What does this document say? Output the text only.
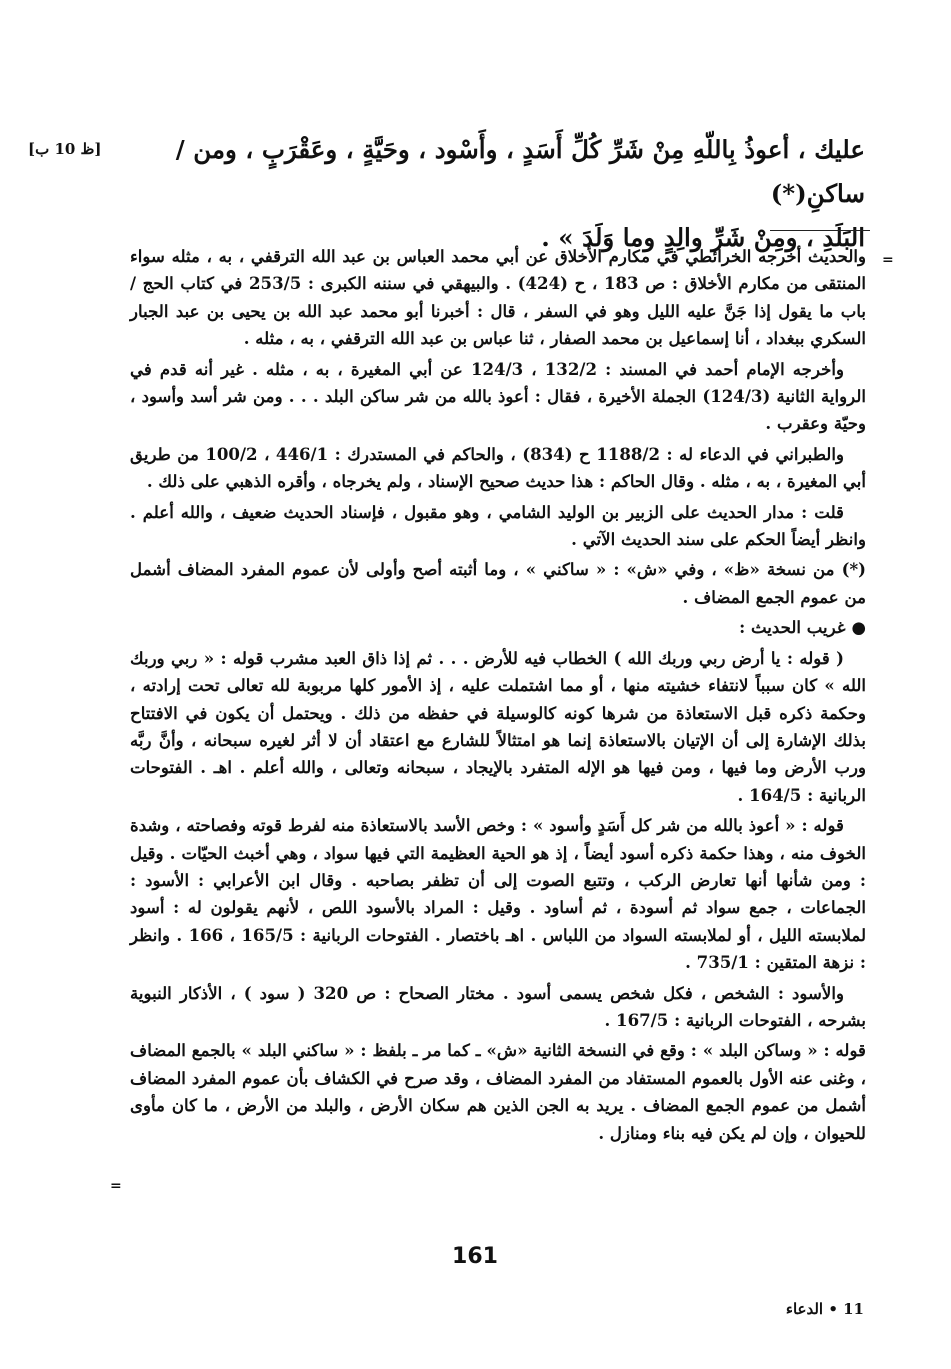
عليك ، أعوذُ بِاللّهِ مِنْ شَرِّ كُلِّ أَسَدٍ ، وأَسْود ، وحَيَّةٍ ، وعَقْرَبٍ ، ومن / ساكنِ(*)

البَلَدِ ، ومِنْ شَرِّ والِدٍ وما وَلَدَ » .

[ظ 10 ب]
=
=

والحديث أخرجه الخرائطي في مكارم الأخلاق عن أبي محمد العباس بن عبد الله الترقفي ، به ، مثله سواء المنتقى من مكارم الأخلاق : ص 183 ، ح (424) . والبيهقي في سننه الكبرى : 253/5 في كتاب الحج / باب ما يقول إذا جَنَّ عليه الليل وهو في السفر ، قال : أخبرنا أبو محمد عبد الله بن يحيى بن عبد الجبار السكري ببغداد ، أنا إسماعيل بن محمد الصفار ، ثنا عباس بن عبد الله الترقفي ، به ، مثله .

وأخرجه الإمام أحمد في المسند : 132/2 ، 124/3 عن أبي المغيرة ، به ، مثله . غير أنه قدم في الرواية الثانية (124/3) الجملة الأخيرة ، فقال : أعوذ بالله من شر ساكن البلد . . . ومن شر أسد وأسود ، وحيّة وعقرب .

والطبراني في الدعاء له : 1188/2 ح (834) ، والحاكم في المستدرك : 446/1 ، 100/2 من طريق أبي المغيرة ، به ، مثله . وقال الحاكم : هذا حديث صحيح الإسناد ، ولم يخرجاه ، وأقره الذهبي على ذلك .

قلت : مدار الحديث على الزبير بن الوليد الشامي ، وهو مقبول ، فإسناد الحديث ضعيف ، والله أعلم . وانظر أيضاً الحكم على سند الحديث الآتي .

(*) من نسخة «ظ» ، وفي «ش» : « ساكني » ، وما أثبته أصح وأولى لأن عموم المفرد المضاف أشمل من عموم الجمع المضاف .

● غريب الحديث :

( قوله : يا أرض ربي وربك الله ) الخطاب فيه للأرض . . . ثم إذا ذاق العبد مشرب قوله : « ربي وربك الله » كان سبباً لانتفاء خشيته منها ، أو مما اشتملت عليه ، إذ الأمور كلها مربوبة لله تعالى تحت إرادته ، وحكمة ذكره قبل الاستعاذة من شرها كونه كالوسيلة في حفظه من ذلك . ويحتمل أن يكون في الافتتاح بذلك الإشارة إلى أن الإتيان بالاستعاذة إنما هو امتثالاً للشارع مع اعتقاد أن لا أثر لغيره سبحانه ، وأنَّ ربَّه ورب الأرض وما فيها ، ومن فيها هو الإله المتفرد بالإيجاد ، سبحانه وتعالى ، والله أعلم . اهـ . الفتوحات الربانية : 164/5 .

قوله : « أعوذ بالله من شر كل أَسَدٍ وأسود » : وخص الأسد بالاستعاذة منه لفرط قوته وفصاحته ، وشدة الخوف منه ، وهذا حكمة ذكره أسود أيضاً ، إذ هو الحية العظيمة التي فيها سواد ، وهي أخبث الحيّات . وقيل : ومن شأنها أنها تعارض الركب ، وتتبع الصوت إلى أن تظفر بصاحبه . وقال ابن الأعرابي : الأسود : الجماعات ، جمع سواد ثم أسودة ، ثم أساود . وقيل : المراد بالأسود اللص ، لأنهم يقولون له : أسود لملابسته الليل ، أو لملابسته السواد من اللباس . اهـ باختصار . الفتوحات الربانية : 165/5 ، 166 . وانظر : نزهة المتقين : 735/1 .

والأسود : الشخص ، فكل شخص يسمى أسود . مختار الصحاح : ص 320 ( سود ) ، الأذكار النبوية بشرحه ، الفتوحات الربانية : 167/5 .

قوله : « وساكن البلد » : وقع في النسخة الثانية «ش» ـ كما مر ـ بلفظ : « ساكني البلد » بالجمع المضاف ، وغنى عنه الأول بالعموم المستفاد من المفرد المضاف ، وقد صرح في الكشاف بأن عموم المفرد المضاف أشمل من عموم الجمع المضاف . يريد به الجن الذين هم سكان الأرض ، والبلد من الأرض ، ما كان مأوى للحيوان ، وإن لم يكن فيه بناء ومنازل .

161
11 • الدعاء
